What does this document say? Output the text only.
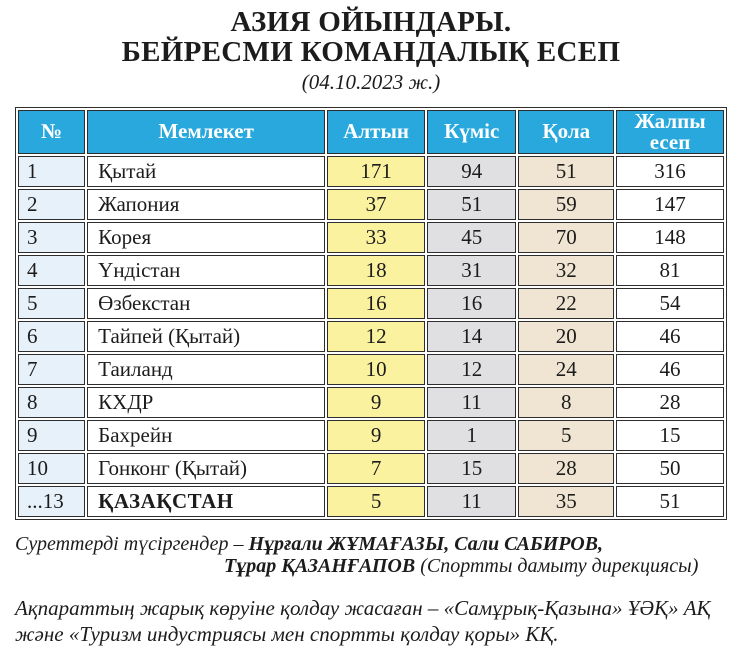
АЗИЯ ОЙЫНДАРЫ.
БЕЙРЕСМИ КОМАНДАЛЫҚ ЕСЕП
(04.10.2023 ж.)
№	Мемлекет	Алтын	Күміс	Қола	Жалпы есеп
1	Қытай	171	94	51	316
2	Жапония	37	51	59	147
3	Корея	33	45	70	148
4	Үндістан	18	31	32	81
5	Өзбекстан	16	16	22	54
6	Тайпей (Қытай)	12	14	20	46
7	Таиланд	10	12	24	46
8	КХДР	9	11	8	28
9	Бахрейн	9	1	5	15
10	Гонконг (Қытай)	7	15	28	50
...13	ҚАЗАҚСТАН	5	11	35	51
Суреттерді түсіргендер – Нұрғали ЖҰМАҒАЗЫ, Сали САБИРОВ,
Тұрар ҚАЗАНҒАПОВ (Спортты дамыту дирекциясы)
Ақпараттың жарық көруіне қолдау жасаған – «Самұрық-Қазына» ҰӘҚ» АҚ
және «Туризм индустриясы мен спортты қолдау қоры» КҚ.
